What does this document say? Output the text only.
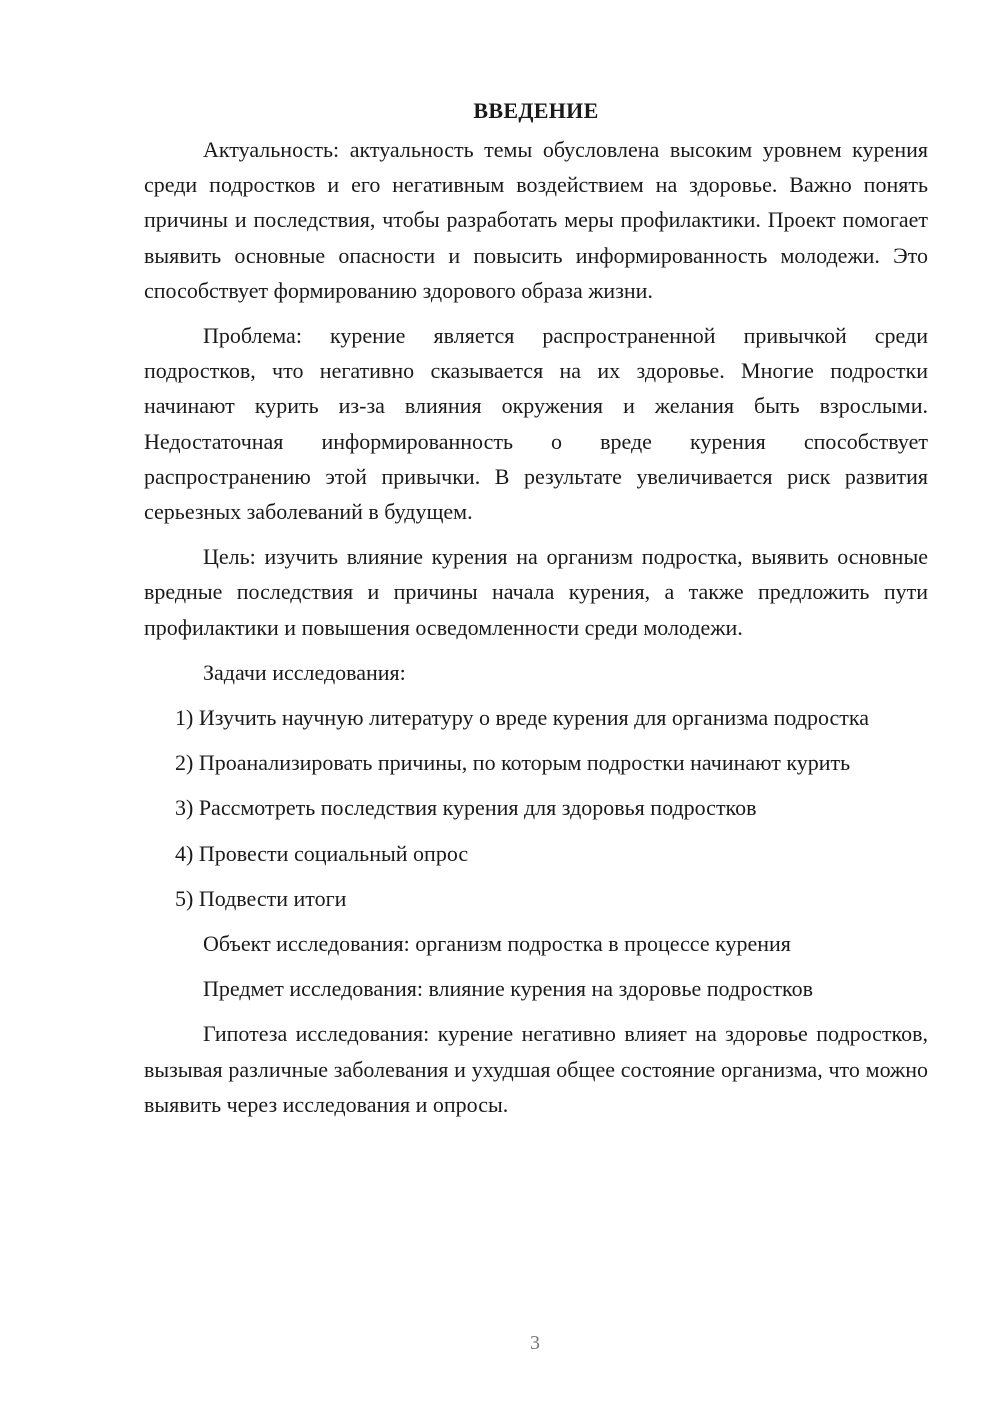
ВВЕДЕНИЕ

Актуальность: актуальность темы обусловлена высоким уровнем курения среди подростков и его негативным воздействием на здоровье. Важно понять причины и последствия, чтобы разработать меры профилактики. Проект помогает выявить основные опасности и повысить информированность молодежи. Это способствует формированию здорового образа жизни.

Проблема: курение является распространенной привычкой среди подростков, что негативно сказывается на их здоровье. Многие подростки начинают курить из-за влияния окружения и желания быть взрослыми. Недостаточная информированность о вреде курения способствует распространению этой привычки. В результате увеличивается риск развития серьезных заболеваний в будущем.

Цель: изучить влияние курения на организм подростка, выявить основные вредные последствия и причины начала курения, а также предложить пути профилактики и повышения осведомленности среди молодежи.

Задачи исследования:

1) Изучить научную литературу о вреде курения для организма подростка

2) Проанализировать причины, по которым подростки начинают курить

3) Рассмотреть последствия курения для здоровья подростков

4) Провести социальный опрос

5) Подвести итоги

Объект исследования: организм подростка в процессе курения

Предмет исследования: влияние курения на здоровье подростков

Гипотеза исследования: курение негативно влияет на здоровье подростков, вызывая различные заболевания и ухудшая общее состояние организма, что можно выявить через исследования и опросы.

3
